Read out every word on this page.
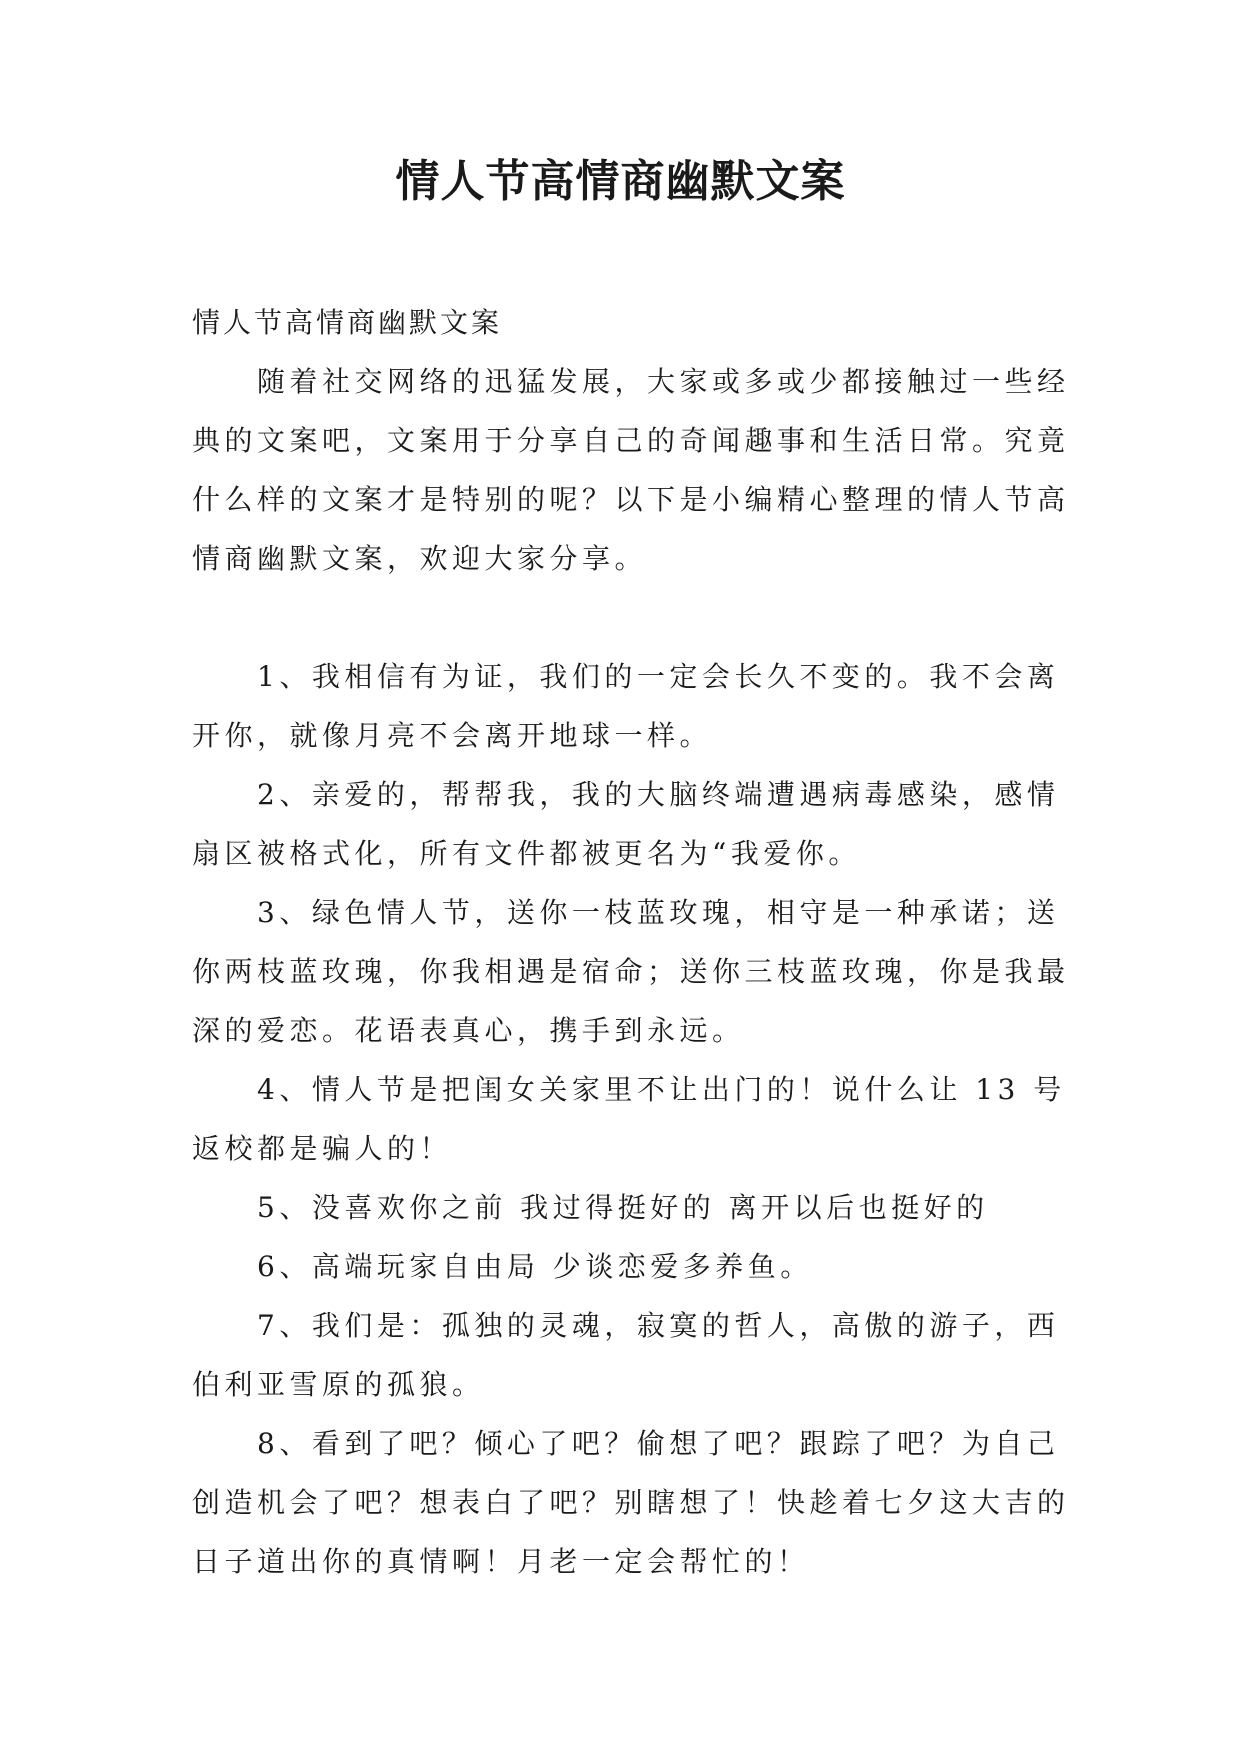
情人节高情商幽默文案

情人节高情商幽默文案

随着社交网络的迅猛发展，大家或多或少都接触过一些经典的文案吧，文案用于分享自己的奇闻趣事和生活日常。究竟什么样的文案才是特别的呢？以下是小编精心整理的情人节高情商幽默文案，欢迎大家分享。

1、我相信有为证，我们的一定会长久不变的。我不会离开你，就像月亮不会离开地球一样。

2、亲爱的，帮帮我，我的大脑终端遭遇病毒感染，感情扇区被格式化，所有文件都被更名为“我爱你。

3、绿色情人节，送你一枝蓝玫瑰，相守是一种承诺；送你两枝蓝玫瑰，你我相遇是宿命；送你三枝蓝玫瑰，你是我最深的爱恋。花语表真心，携手到永远。

4、情人节是把闺女关家里不让出门的！说什么让 13 号返校都是骗人的！

5、没喜欢你之前 我过得挺好的 离开以后也挺好的

6、高端玩家自由局 少谈恋爱多养鱼。

7、我们是：孤独的灵魂，寂寞的哲人，高傲的游子，西伯利亚雪原的孤狼。

8、看到了吧？倾心了吧？偷想了吧？跟踪了吧？为自己创造机会了吧？想表白了吧？别瞎想了！快趁着七夕这大吉的日子道出你的真情啊！月老一定会帮忙的！
